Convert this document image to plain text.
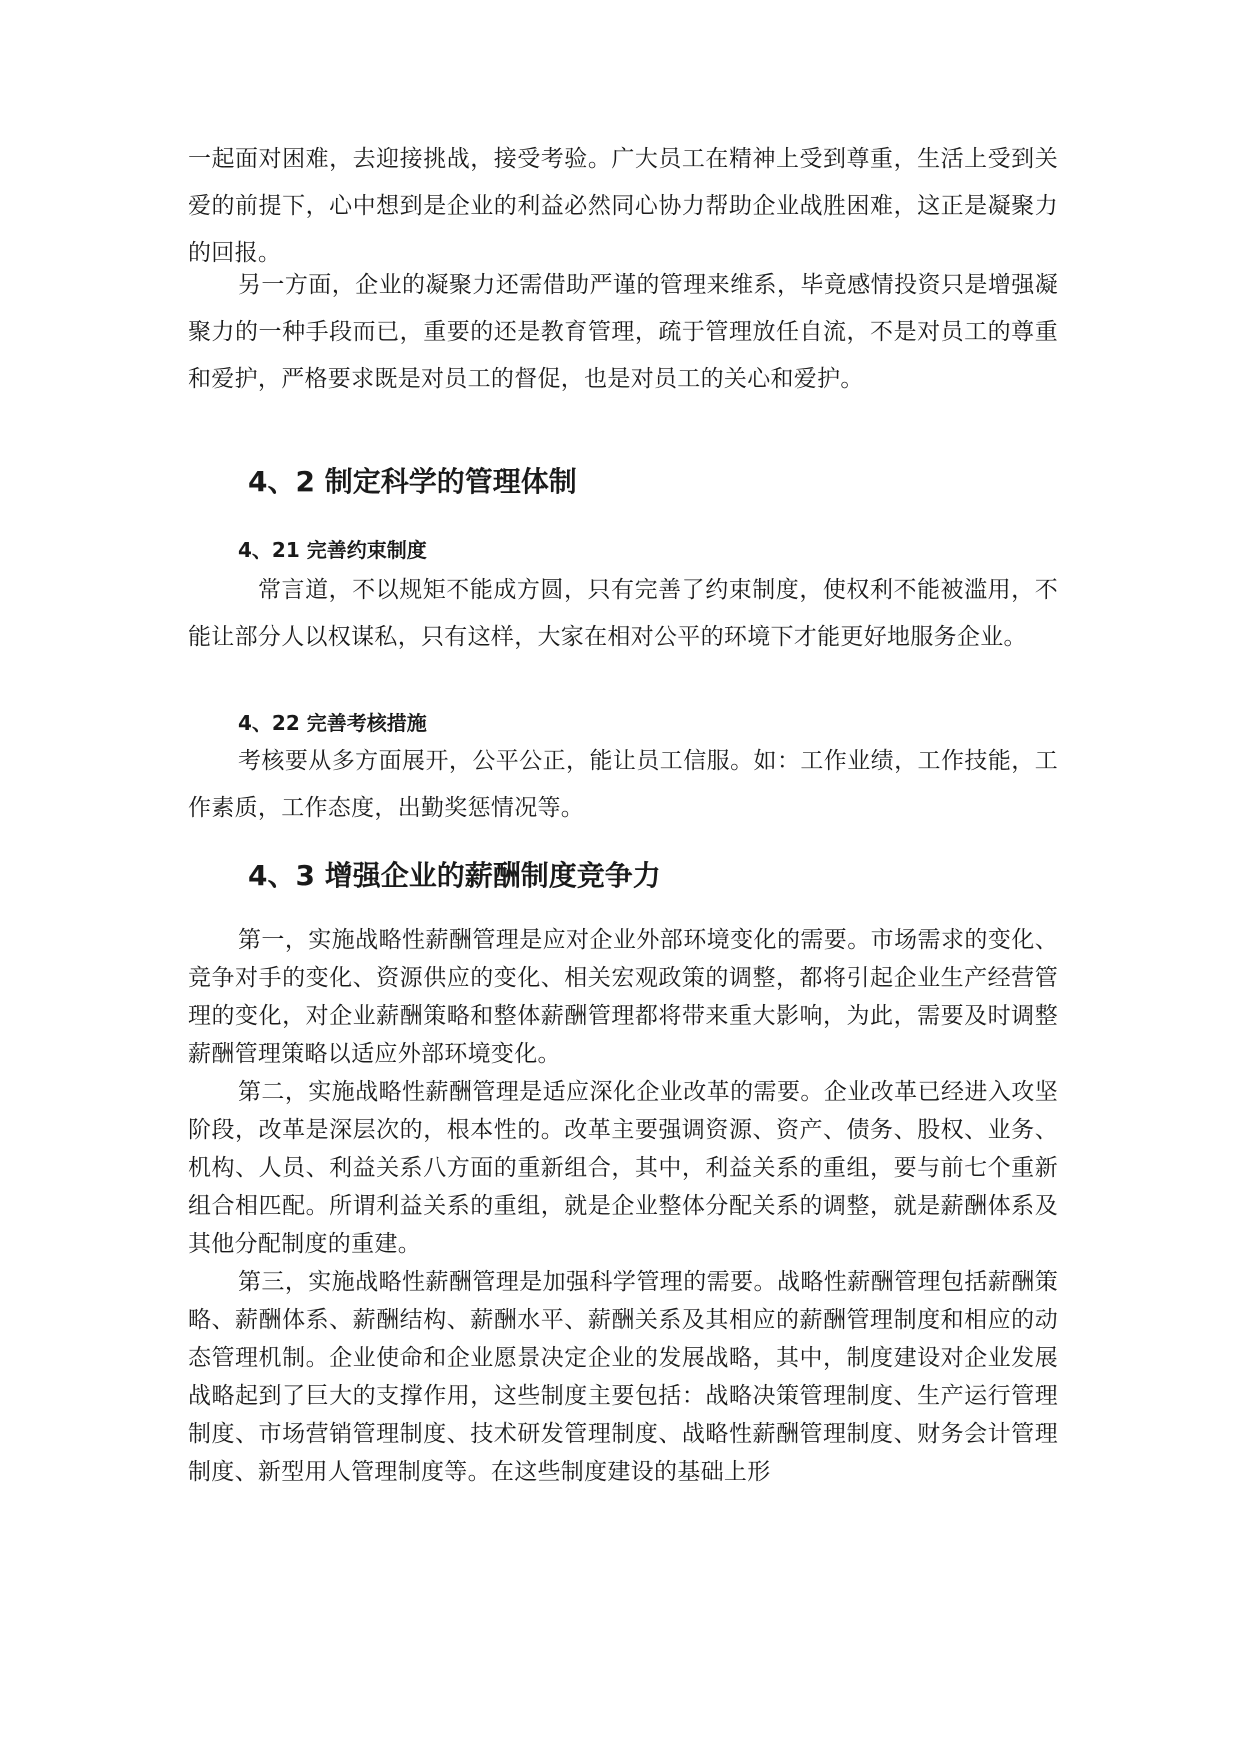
一起面对困难，去迎接挑战，接受考验。广大员工在精神上受到尊重，生活上受到关爱的前提下，心中想到是企业的利益必然同心协力帮助企业战胜困难，这正是凝聚力的回报。

另一方面，企业的凝聚力还需借助严谨的管理来维系，毕竟感情投资只是增强凝聚力的一种手段而已，重要的还是教育管理，疏于管理放任自流，不是对员工的尊重和爱护，严格要求既是对员工的督促，也是对员工的关心和爱护。

4、2 制定科学的管理体制
4、21 完善约束制度

常言道，不以规矩不能成方圆，只有完善了约束制度，使权利不能被滥用，不能让部分人以权谋私，只有这样，大家在相对公平的环境下才能更好地服务企业。

4、22 完善考核措施

考核要从多方面展开，公平公正，能让员工信服。如：工作业绩，工作技能，工作素质，工作态度，出勤奖惩情况等。

4、3 增强企业的薪酬制度竞争力

第一，实施战略性薪酬管理是应对企业外部环境变化的需要。市场需求的变化、竞争对手的变化、资源供应的变化、相关宏观政策的调整，都将引起企业生产经营管理的变化，对企业薪酬策略和整体薪酬管理都将带来重大影响，为此，需要及时调整薪酬管理策略以适应外部环境变化。

第二，实施战略性薪酬管理是适应深化企业改革的需要。企业改革已经进入攻坚阶段，改革是深层次的，根本性的。改革主要强调资源、资产、债务、股权、业务、机构、人员、利益关系八方面的重新组合，其中，利益关系的重组，要与前七个重新组合相匹配。所谓利益关系的重组，就是企业整体分配关系的调整，就是薪酬体系及其他分配制度的重建。

第三，实施战略性薪酬管理是加强科学管理的需要。战略性薪酬管理包括薪酬策略、薪酬体系、薪酬结构、薪酬水平、薪酬关系及其相应的薪酬管理制度和相应的动态管理机制。企业使命和企业愿景决定企业的发展战略，其中，制度建设对企业发展战略起到了巨大的支撑作用，这些制度主要包括：战略决策管理制度、生产运行管理制度、市场营销管理制度、技术研发管理制度、战略性薪酬管理制度、财务会计管理制度、新型用人管理制度等。在这些制度建设的基础上形
